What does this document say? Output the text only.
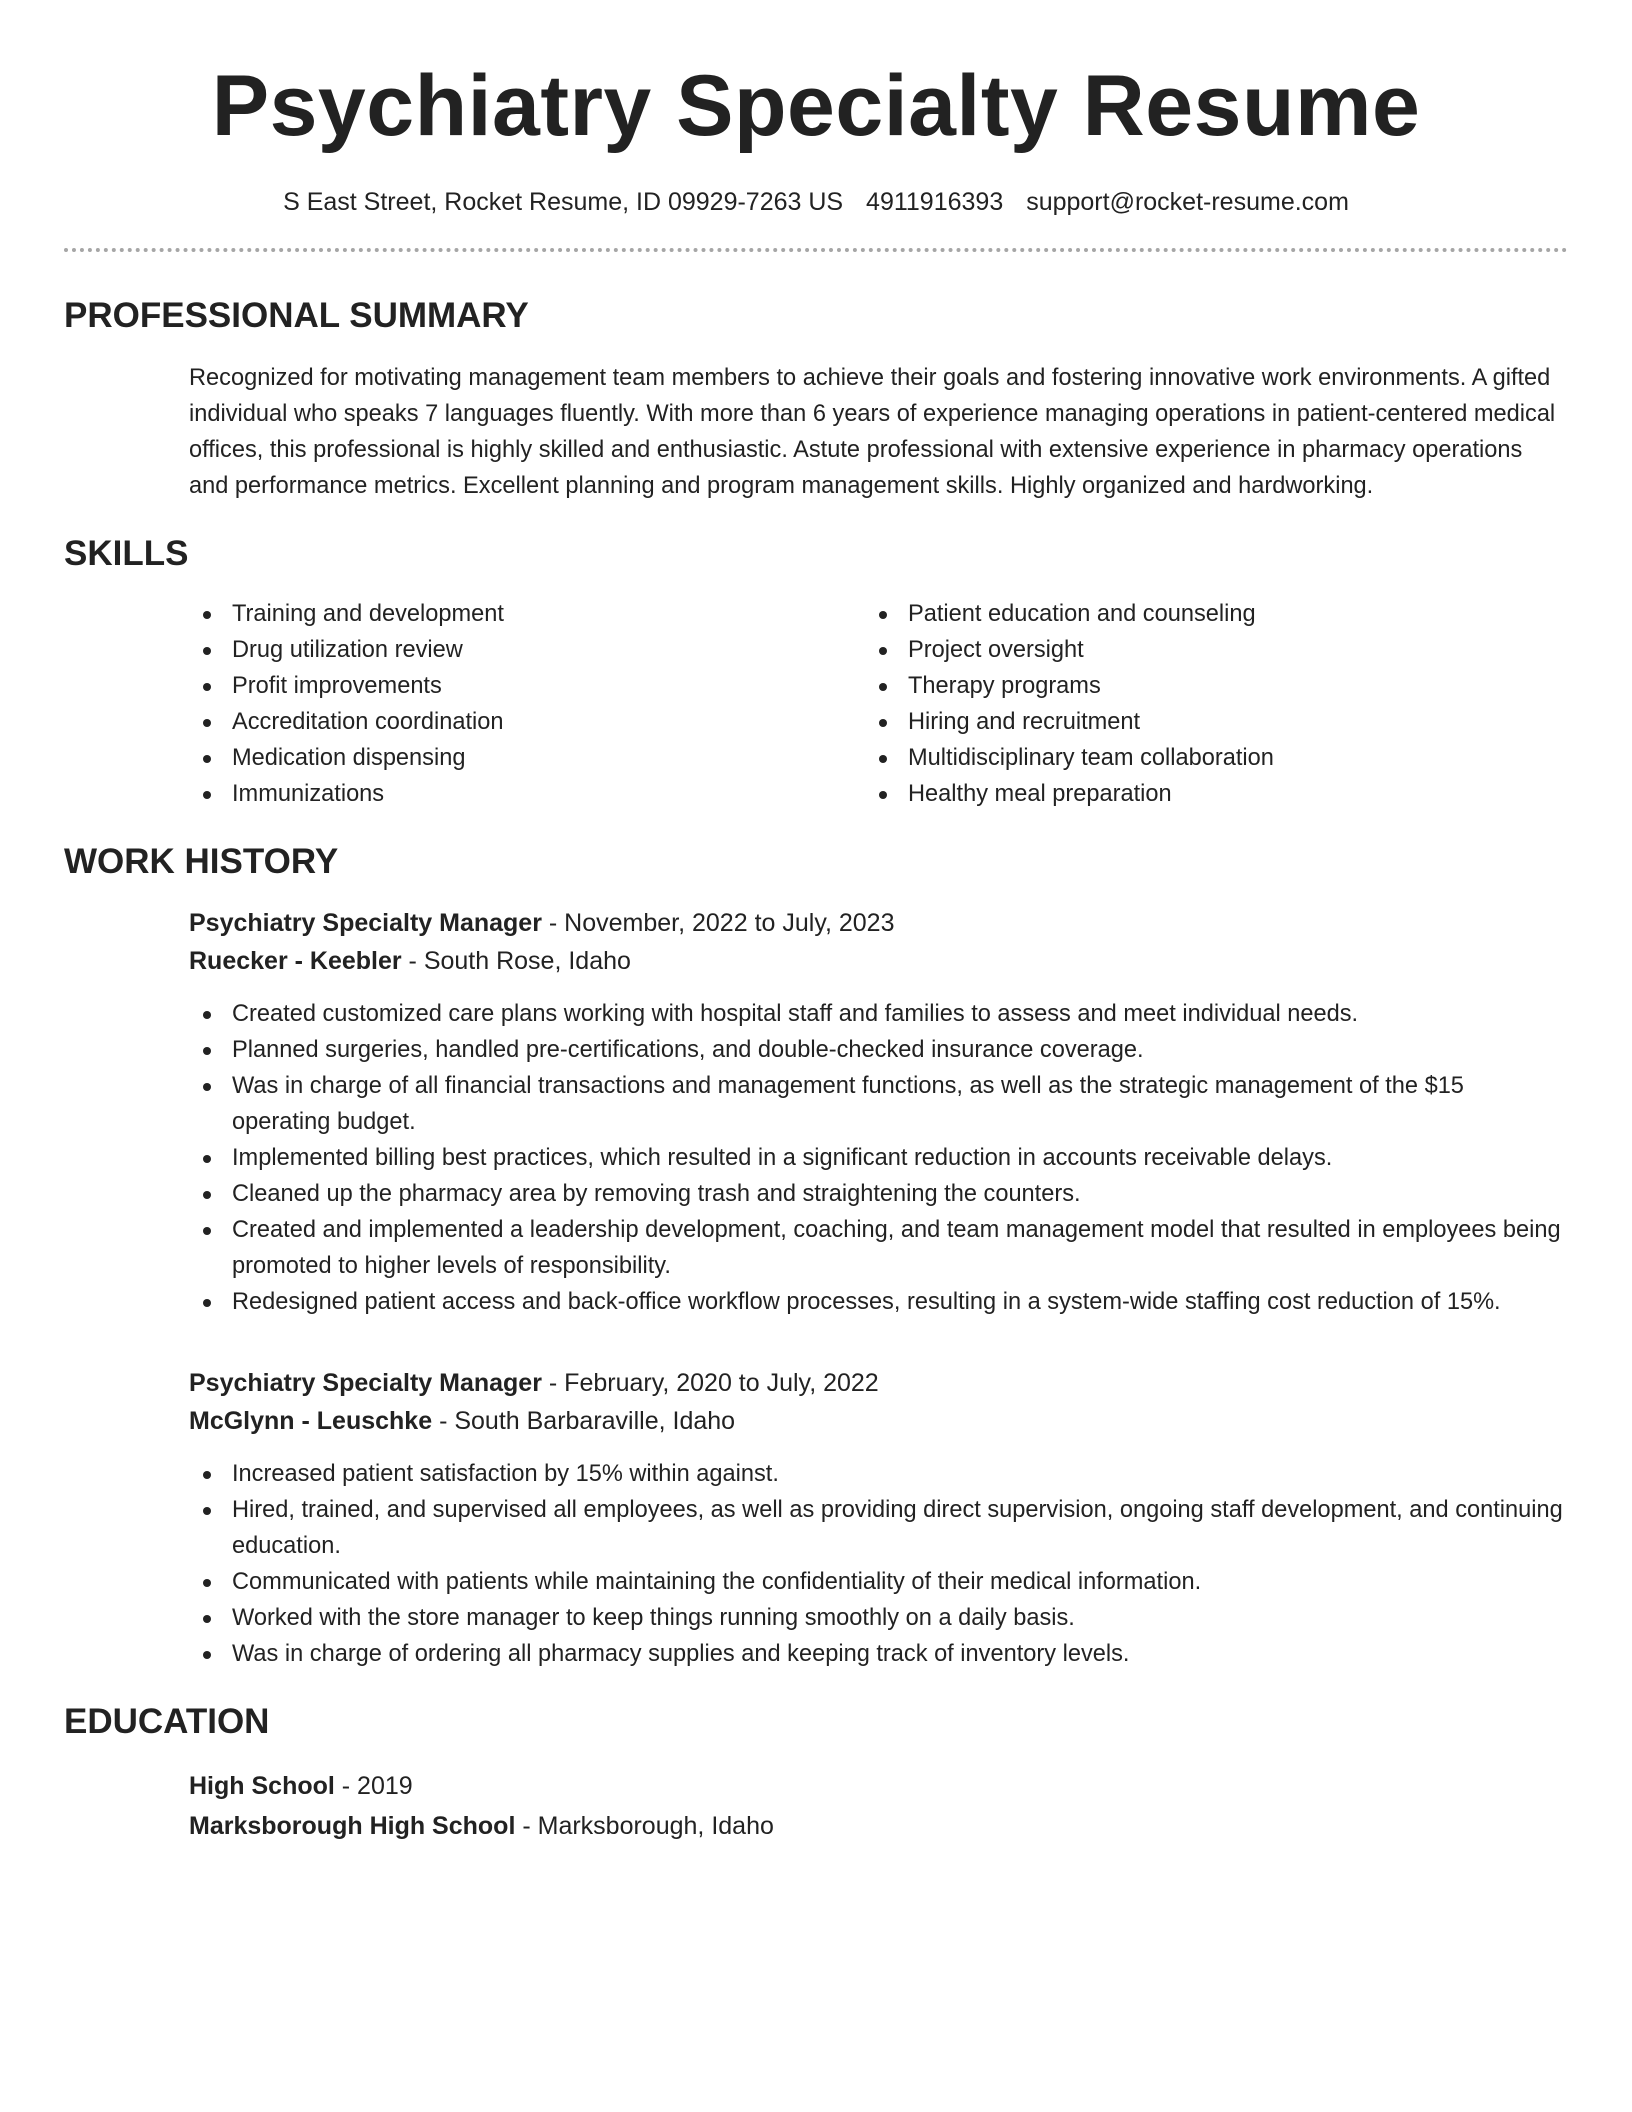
Psychiatry Specialty Resume
S East Street, Rocket Resume, ID 09929-7263 US 4911916393 support@rocket-resume.com
PROFESSIONAL SUMMARY
Recognized for motivating management team members to achieve their goals and fostering innovative work environments. A gifted individual who speaks 7 languages fluently. With more than 6 years of experience managing operations in patient-centered medical offices, this professional is highly skilled and enthusiastic. Astute professional with extensive experience in pharmacy operations and performance metrics. Excellent planning and program management skills. Highly organized and hardworking.
SKILLS
Training and development
Drug utilization review
Profit improvements
Accreditation coordination
Medication dispensing
Immunizations
Patient education and counseling
Project oversight
Therapy programs
Hiring and recruitment
Multidisciplinary team collaboration
Healthy meal preparation
WORK HISTORY
Psychiatry Specialty Manager - November, 2022 to July, 2023
Ruecker - Keebler - South Rose, Idaho
Created customized care plans working with hospital staff and families to assess and meet individual needs.
Planned surgeries, handled pre-certifications, and double-checked insurance coverage.
Was in charge of all financial transactions and management functions, as well as the strategic management of the $15 operating budget.
Implemented billing best practices, which resulted in a significant reduction in accounts receivable delays.
Cleaned up the pharmacy area by removing trash and straightening the counters.
Created and implemented a leadership development, coaching, and team management model that resulted in employees being promoted to higher levels of responsibility.
Redesigned patient access and back-office workflow processes, resulting in a system-wide staffing cost reduction of 15%.
Psychiatry Specialty Manager - February, 2020 to July, 2022
McGlynn - Leuschke - South Barbaraville, Idaho
Increased patient satisfaction by 15% within against.
Hired, trained, and supervised all employees, as well as providing direct supervision, ongoing staff development, and continuing education.
Communicated with patients while maintaining the confidentiality of their medical information.
Worked with the store manager to keep things running smoothly on a daily basis.
Was in charge of ordering all pharmacy supplies and keeping track of inventory levels.
EDUCATION
High School - 2019
Marksborough High School - Marksborough, Idaho
